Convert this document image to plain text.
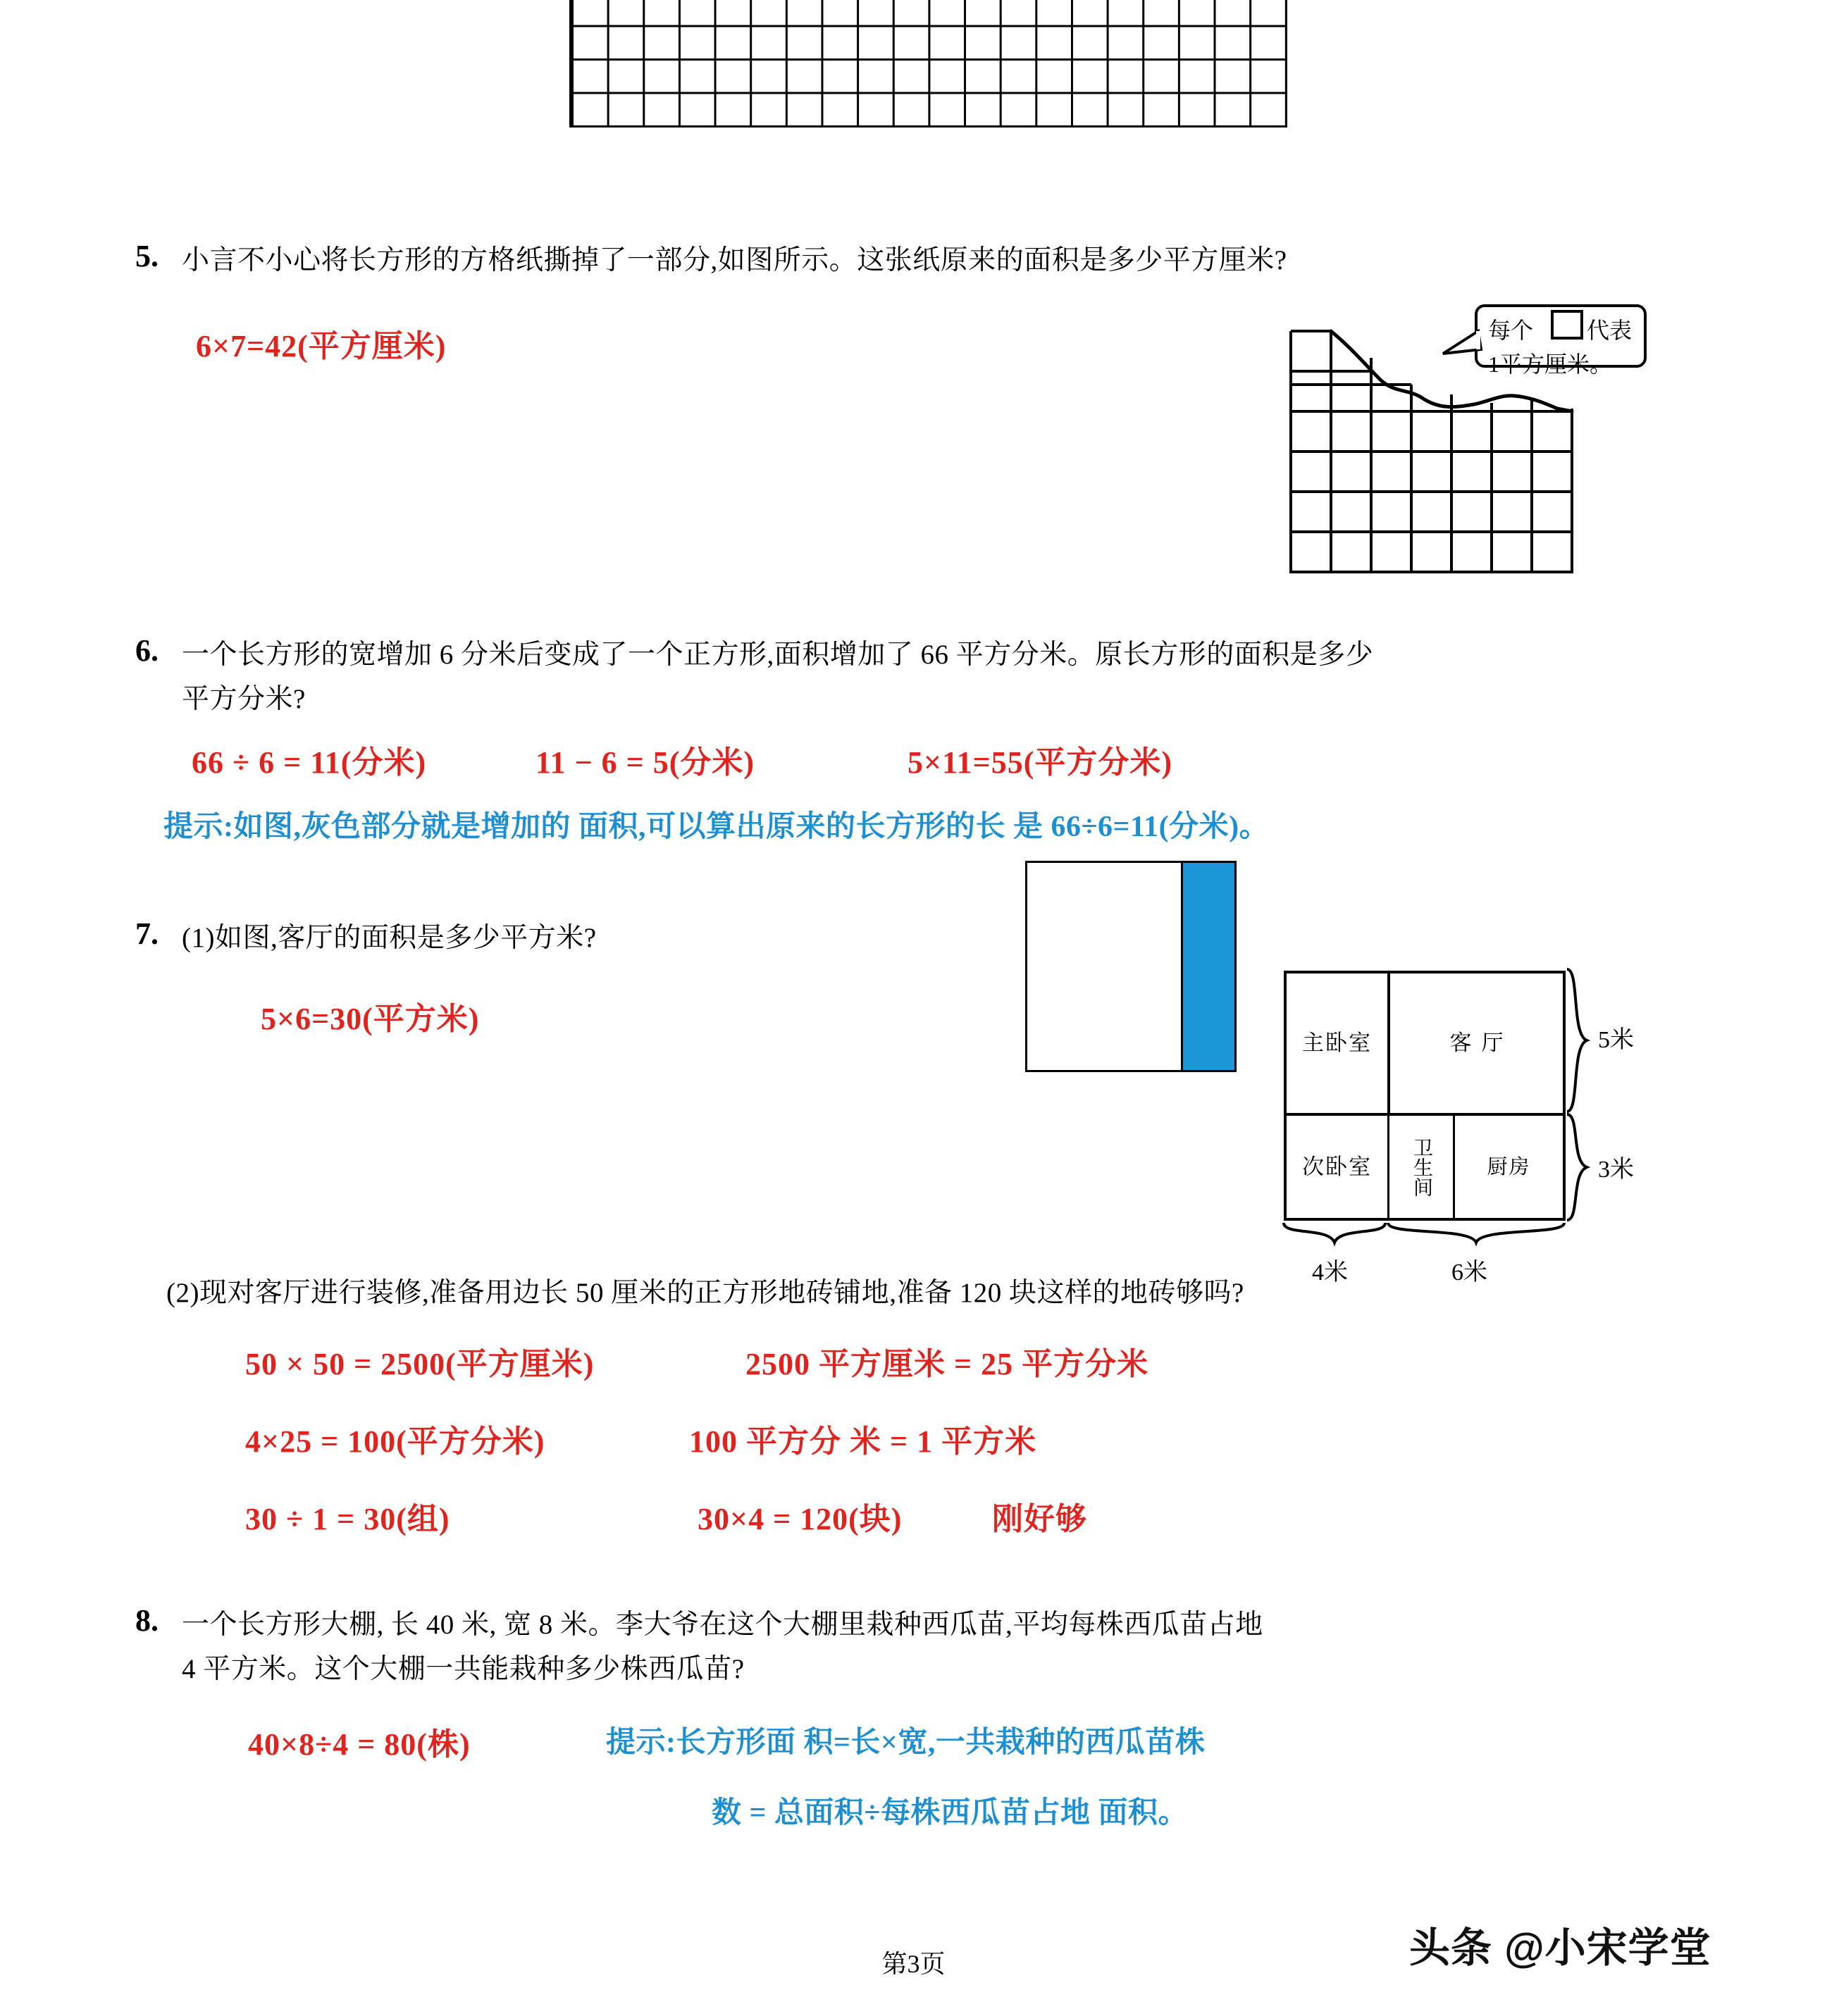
5. 小言不小心将长方形的方格纸撕掉了一部分,如图所示。这张纸原来的面积是多少平方厘米?
6×7=42(平方厘米)	每个 代表
1平方厘米。
6. 一个长方形的宽增加 6 分米后变成了一个正方形,面积增加了 66 平方分米。原长方形的面积是多少
平方分米?
66 ÷ 6 = 11(分米)	11 − 6 = 5(分米)	5×11=55(平方分米)
提示:如图,灰色部分就是增加的 面积,可以算出原来的长方形的长 是 66÷6=11(分米)。
7. (1)如图,客厅的面积是多少平方米?
5×6=30(平方米)
主卧室	客厅
次卧室	卫生间	厨房
5米
3米
4米	6米
(2)现对客厅进行装修,准备用边长 50 厘米的正方形地砖铺地,准备 120 块这样的地砖够吗?
50 × 50 = 2500(平方厘米)	2500 平方厘米 = 25 平方分米
4×25 = 100(平方分米)	100 平方分 米 = 1 平方米
30 ÷ 1 = 30(组)	30×4 = 120(块)	刚好够
8. 一个长方形大棚, 长 40 米, 宽 8 米。李大爷在这个大棚里栽种西瓜苗,平均每株西瓜苗占地
4 平方米。这个大棚一共能栽种多少株西瓜苗?
40×8÷4 = 80(株)	提示:长方形面 积=长×宽,一共栽种的西瓜苗株
数 = 总面积÷每株西瓜苗占地 面积。
第3页	头条 @小宋学堂
